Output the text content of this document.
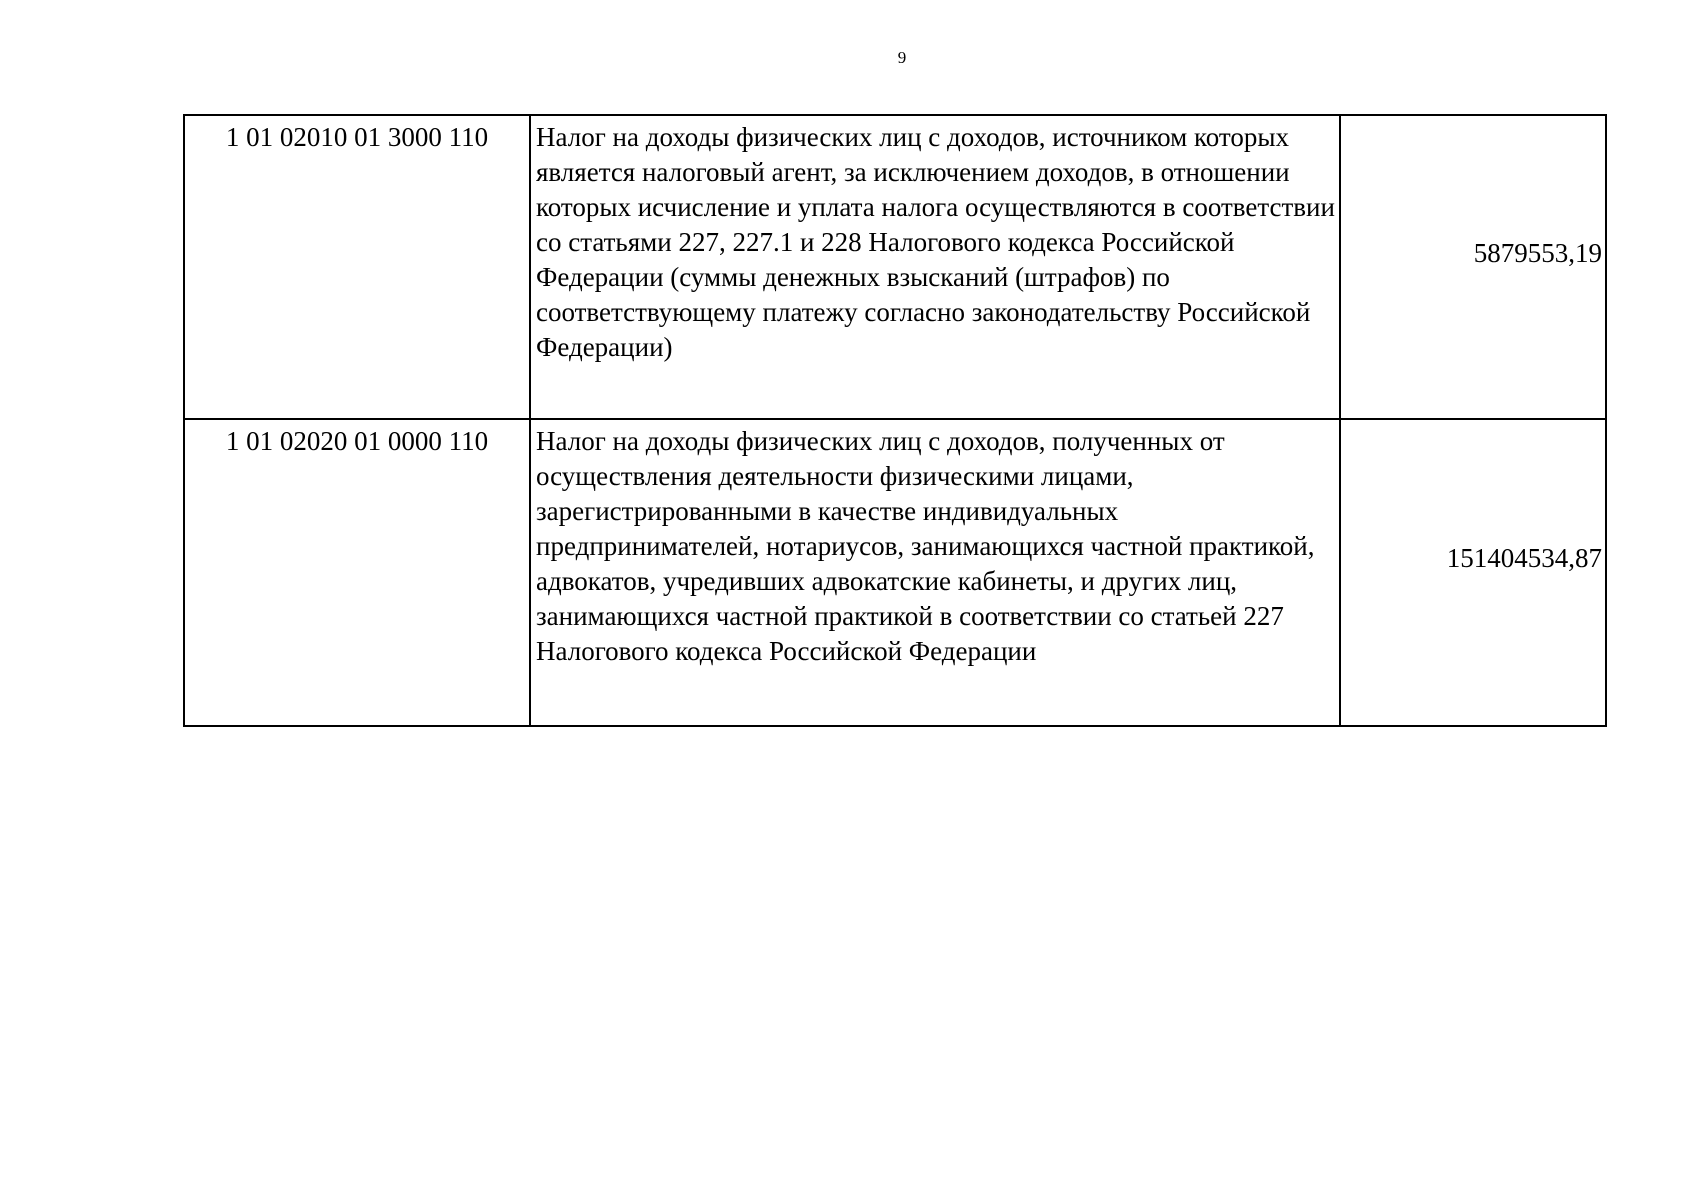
9
1 01 02010 01 3000 110	Налог на доходы физических лиц с доходов, источником которых является налоговый агент, за исключением доходов, в отношении которых исчисление и уплата налога осуществляются в соответствии со статьями 227, 227.1 и 228 Налогового кодекса Российской Федерации (суммы денежных взысканий (штрафов) по соответствующему платежу согласно законодательству Российской Федерации)	5879553,19
1 01 02020 01 0000 110	Налог на доходы физических лиц с доходов, полученных от осуществления деятельности физическими лицами, зарегистрированными в качестве индивидуальных предпринимателей, нотариусов, занимающихся частной практикой, адвокатов, учредивших адвокатские кабинеты, и других лиц, занимающихся частной практикой в соответствии со статьей 227 Налогового кодекса Российской Федерации	151404534,87
